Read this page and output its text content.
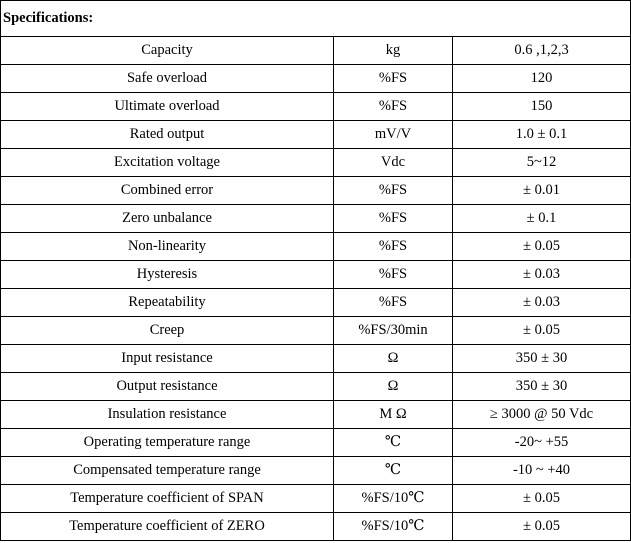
Specifications:		
Capacity	kg	0.6 ,1,2,3
Safe overload	%FS	120
Ultimate overload	%FS	150
Rated output	mV/V	1.0 ± 0.1
Excitation voltage	Vdc	5~12
Combined error	%FS	± 0.01
Zero unbalance	%FS	± 0.1
Non-linearity	%FS	± 0.05
Hysteresis	%FS	± 0.03
Repeatability	%FS	± 0.03
Creep	%FS/30min	± 0.05
Input resistance	Ω	350 ± 30
Output resistance	Ω	350 ± 30
Insulation resistance	M Ω	≥ 3000 @ 50 Vdc
Operating temperature range	℃	-20~ +55
Compensated temperature range	℃	-10 ~ +40
Temperature coefficient of SPAN	%FS/10℃	± 0.05
Temperature coefficient of ZERO	%FS/10℃	± 0.05
